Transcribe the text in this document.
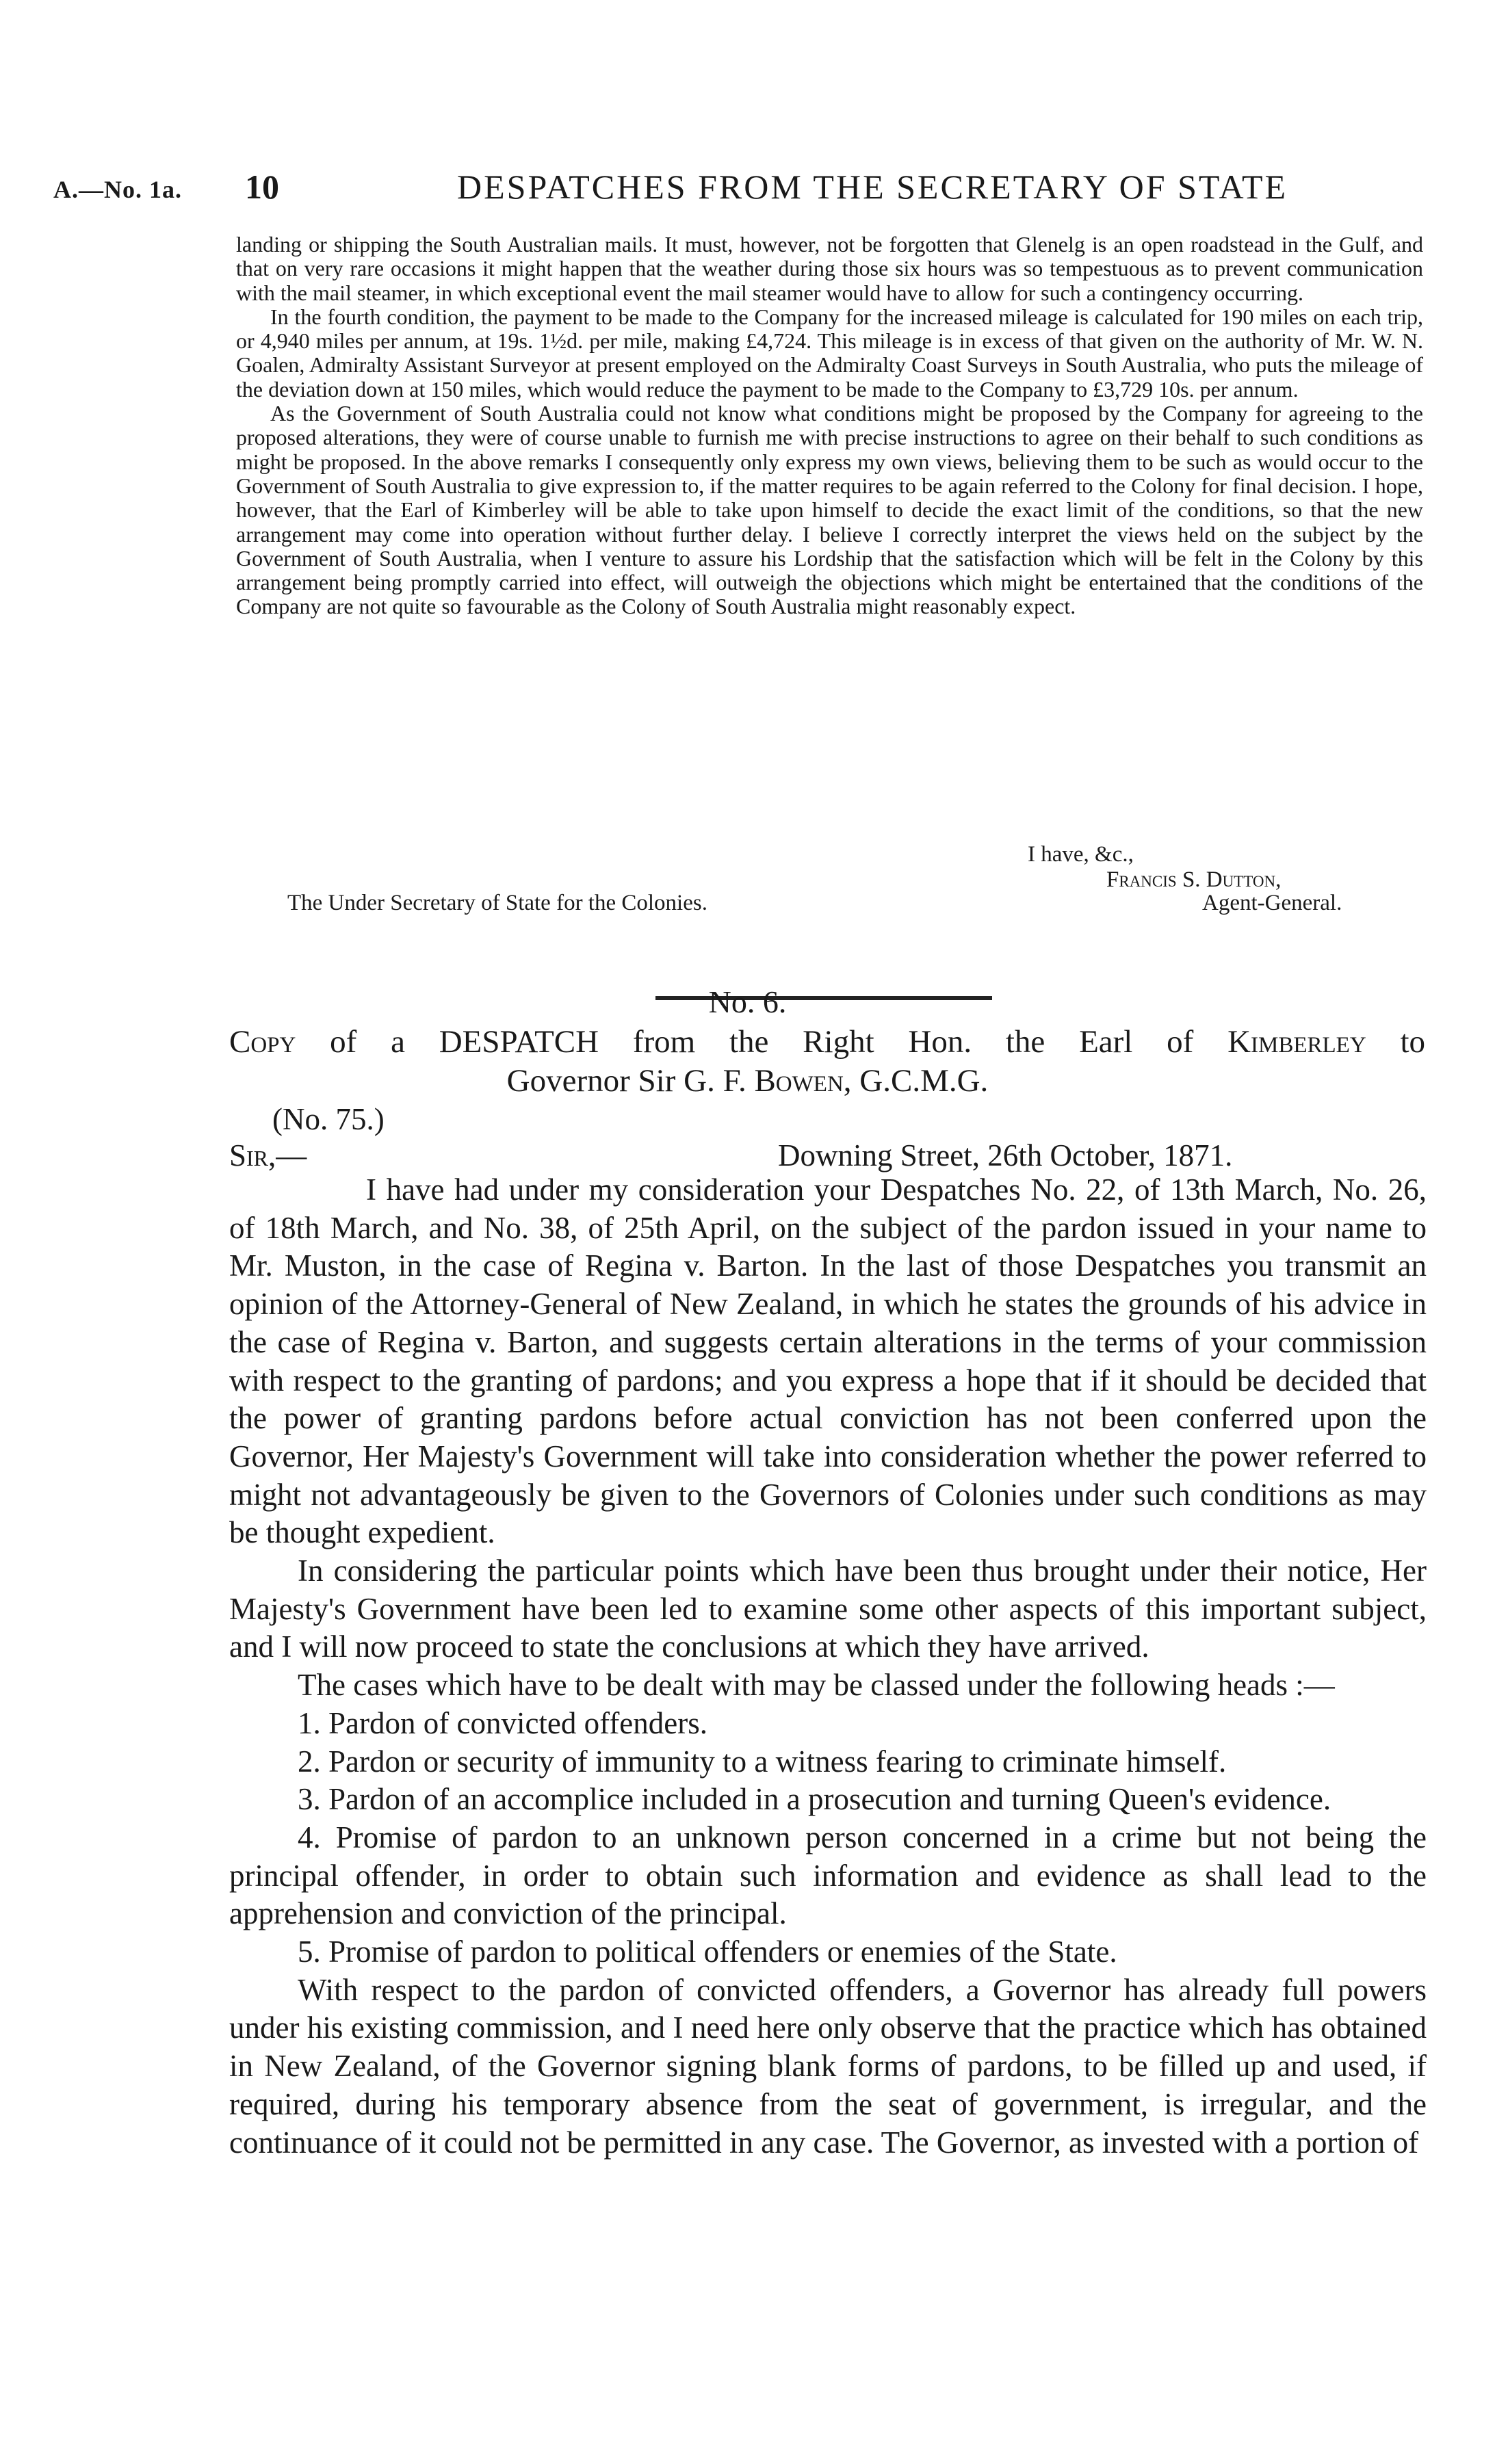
A.—No. 1a. 10	DESPATCHES FROM THE SECRETARY OF STATE

landing or shipping the South Australian mails. It must, however, not be forgotten that Glenelg is an open roadstead in the Gulf, and that on very rare occasions it might happen that the weather during those six hours was so tempestuous as to prevent communication with the mail steamer, in which exceptional event the mail steamer would have to allow for such a contingency occurring.

In the fourth condition, the payment to be made to the Company for the increased mileage is calculated for 190 miles on each trip, or 4,940 miles per annum, at 19s. 1½d. per mile, making £4,724. This mileage is in excess of that given on the authority of Mr. W. N. Goalen, Admiralty Assistant Surveyor at present employed on the Admiralty Coast Surveys in South Australia, who puts the mileage of the deviation down at 150 miles, which would reduce the payment to be made to the Company to £3,729 10s. per annum.

As the Government of South Australia could not know what conditions might be proposed by the Company for agreeing to the proposed alterations, they were of course unable to furnish me with precise instructions to agree on their behalf to such conditions as might be proposed. In the above remarks I consequently only express my own views, believing them to be such as would occur to the Government of South Australia to give expression to, if the matter requires to be again referred to the Colony for final decision. I hope, however, that the Earl of Kimberley will be able to take upon himself to decide the exact limit of the conditions, so that the new arrangement may come into operation without further delay. I believe I correctly interpret the views held on the subject by the Government of South Australia, when I venture to assure his Lordship that the satisfaction which will be felt in the Colony by this arrangement being promptly carried into effect, will outweigh the objections which might be entertained that the conditions of the Company are not quite so favourable as the Colony of South Australia might reasonably expect.

I have, &c.,
Francis S. Dutton,
The Under Secretary of State for the Colonies.	Agent-General.
No. 6.
Copy of a DESPATCH from the Right Hon. the Earl of Kimberley to
Governor Sir G. F. Bowen, G.C.M.G.
(No. 75.)
Sir,—	Downing Street, 26th October, 1871.

I have had under my consideration your Despatches No. 22, of 13th March, No. 26, of 18th March, and No. 38, of 25th April, on the subject of the pardon issued in your name to Mr. Muston, in the case of Regina v. Barton. In the last of those Despatches you transmit an opinion of the Attorney-General of New Zealand, in which he states the grounds of his advice in the case of Regina v. Barton, and suggests certain alterations in the terms of your commission with respect to the granting of pardons; and you express a hope that if it should be decided that the power of granting pardons before actual conviction has not been conferred upon the Governor, Her Majesty's Government will take into consideration whether the power referred to might not advantageously be given to the Governors of Colonies under such conditions as may be thought expedient.

In considering the particular points which have been thus brought under their notice, Her Majesty's Government have been led to examine some other aspects of this important subject, and I will now proceed to state the conclusions at which they have arrived.

The cases which have to be dealt with may be classed under the following heads :—

1. Pardon of convicted offenders.

2. Pardon or security of immunity to a witness fearing to criminate himself.

3. Pardon of an accomplice included in a prosecution and turning Queen's evidence.

4. Promise of pardon to an unknown person concerned in a crime but not being the principal offender, in order to obtain such information and evidence as shall lead to the apprehension and conviction of the principal.

5. Promise of pardon to political offenders or enemies of the State.

With respect to the pardon of convicted offenders, a Governor has already full powers under his existing commission, and I need here only observe that the practice which has obtained in New Zealand, of the Governor signing blank forms of pardons, to be filled up and used, if required, during his temporary absence from the seat of government, is irregular, and the continuance of it could not be permitted in any case. The Governor, as invested with a portion of
